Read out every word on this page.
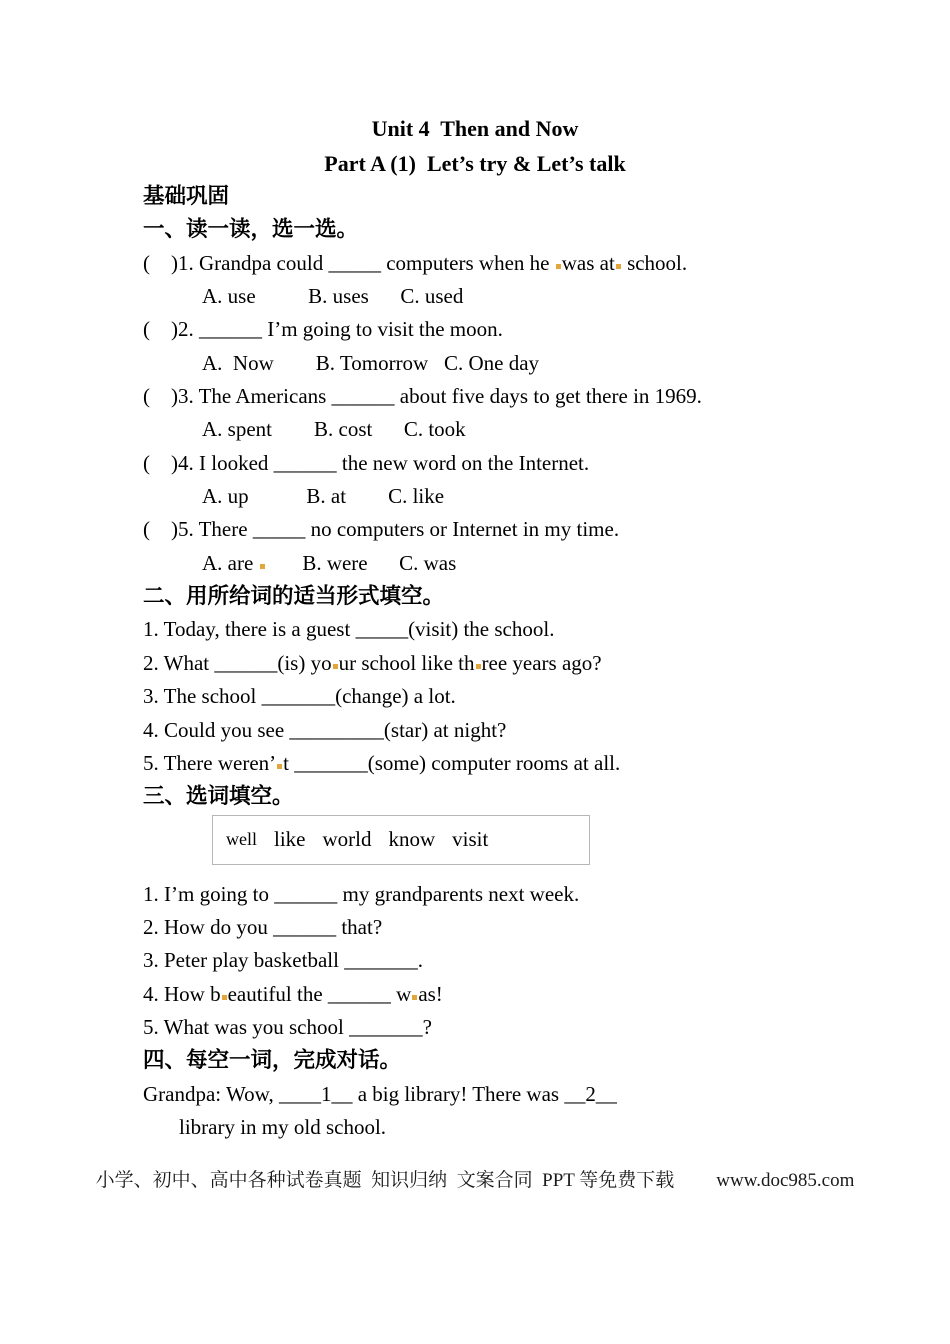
Unit 4  Then and Now
Part A (1)  Let’s try & Let’s talk
基础巩固
一、读一读，选一选。
(    )1. Grandpa could _____ computers when he was at school.
A. use          B. uses      C. used
(    )2. ______ I’m going to visit the moon.
A.  Now        B. Tomorrow   C. One day
(    )3. The Americans ______ about five days to get there in 1969.
A. spent        B. cost      C. took
(    )4. I looked ______ the new word on the Internet.
A. up           B. at        C. like
(    )5. There _____ no computers or Internet in my time.
A. are        B. were      C. was
二、用所给词的适当形式填空。
1. Today, there is a guest _____(visit) the school.
2. What ______(is) yo ur school like th ree years ago?
3. The school _______(change) a lot.
4. Could you see _________(star) at night?
5. There weren’ t _______(some) computer rooms at all.
三、选词填空。
well like world know visit
1. I’m going to ______ my grandparents next week.
2. How do you ______ that?
3. Peter play basketball _______.
4. How b eautiful the ______ w as!
5. What was you school _______?
四、每空一词，完成对话。
Grandpa: Wow, ____1__ a big library! There was __2__
library in my old school.
小学、初中、高中各种试卷真题  知识归纳  文案合同  PPT 等免费下载 www.doc985.com
